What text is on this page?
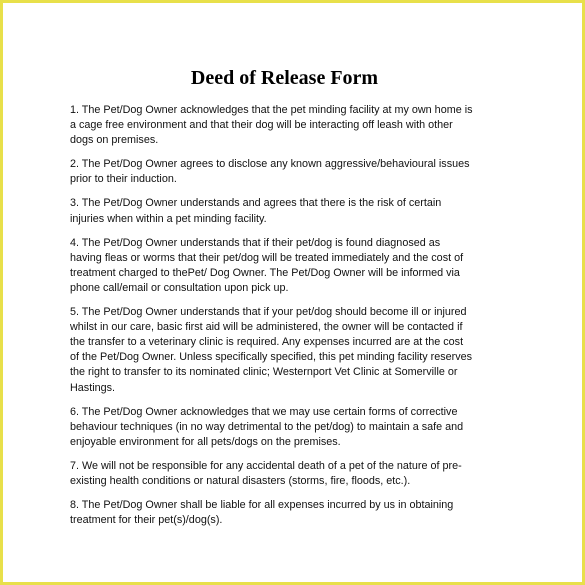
Deed of Release Form
1. The Pet/Dog Owner acknowledges that the pet minding facility at my own home is
a cage free environment and that their dog will be interacting off leash with other
dogs on premises.
2. The Pet/Dog Owner agrees to disclose any known aggressive/behavioural issues
prior to their induction.
3. The Pet/Dog Owner understands and agrees that there is the risk of certain
injuries when within a pet minding facility.
4. The Pet/Dog Owner understands that if their pet/dog is found diagnosed as
having fleas or worms that their pet/dog will be treated immediately and the cost of
treatment charged to thePet/ Dog Owner. The Pet/Dog Owner will be informed via
phone call/email or consultation upon pick up.
5. The Pet/Dog Owner understands that if your pet/dog should become ill or injured
whilst in our care, basic first aid will be administered, the owner will be contacted if
the transfer to a veterinary clinic is required. Any expenses incurred are at the cost
of the Pet/Dog Owner. Unless specifically specified, this pet minding facility reserves
the right to transfer to its nominated clinic; Westernport Vet Clinic at Somerville or
Hastings.
6. The Pet/Dog Owner acknowledges that we may use certain forms of corrective
behaviour techniques (in no way detrimental to the pet/dog) to maintain a safe and
enjoyable environment for all pets/dogs on the premises.
7. We will not be responsible for any accidental death of a pet of the nature of pre-
existing health conditions or natural disasters (storms, fire, floods, etc.).
8. The Pet/Dog Owner shall be liable for all expenses incurred by us in obtaining
treatment for their pet(s)/dog(s).
